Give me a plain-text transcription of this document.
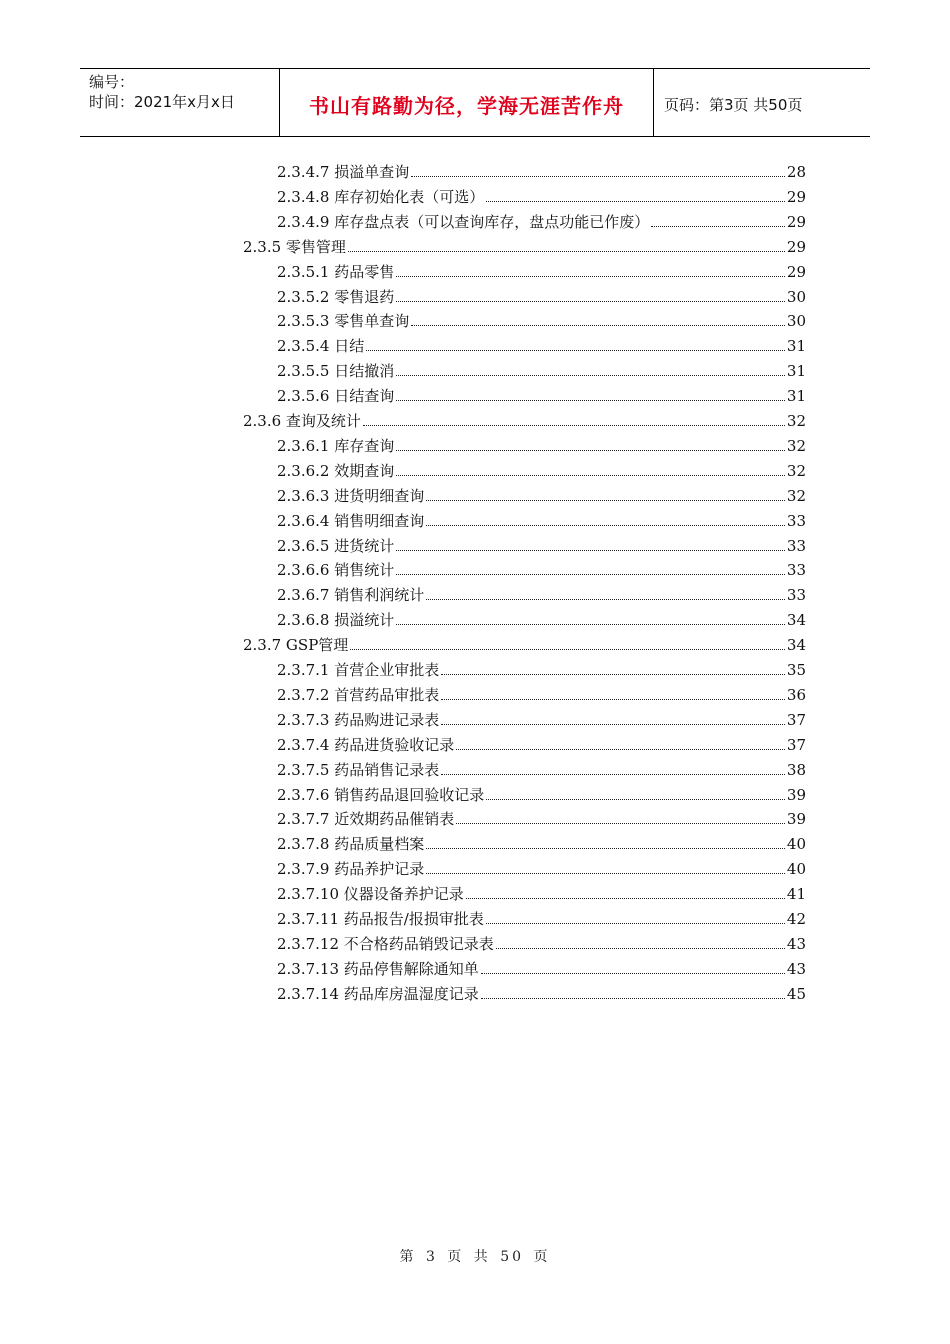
编号：
时间：2021年x月x日	书山有路勤为径，学海无涯苦作舟	页码：第3页 共50页
2.3.4.7 损溢单查询	28
2.3.4.8 库存初始化表（可选）	29
2.3.4.9 库存盘点表（可以查询库存，盘点功能已作废）	29
2.3.5 零售管理	29
2.3.5.1 药品零售	29
2.3.5.2 零售退药	30
2.3.5.3 零售单查询	30
2.3.5.4 日结	31
2.3.5.5 日结撤消	31
2.3.5.6 日结查询	31
2.3.6 查询及统计	32
2.3.6.1 库存查询	32
2.3.6.2 效期查询	32
2.3.6.3 进货明细查询	32
2.3.6.4 销售明细查询	33
2.3.6.5 进货统计	33
2.3.6.6 销售统计	33
2.3.6.7 销售利润统计	33
2.3.6.8 损溢统计	34
2.3.7 GSP管理	34
2.3.7.1 首营企业审批表	35
2.3.7.2 首营药品审批表	36
2.3.7.3 药品购进记录表	37
2.3.7.4 药品进货验收记录	37
2.3.7.5 药品销售记录表	38
2.3.7.6 销售药品退回验收记录	39
2.3.7.7 近效期药品催销表	39
2.3.7.8 药品质量档案	40
2.3.7.9 药品养护记录	40
2.3.7.10 仪器设备养护记录	41
2.3.7.11 药品报告/报损审批表	42
2.3.7.12 不合格药品销毁记录表	43
2.3.7.13 药品停售解除通知单	43
2.3.7.14 药品库房温湿度记录	45
第 3 页 共 50 页
